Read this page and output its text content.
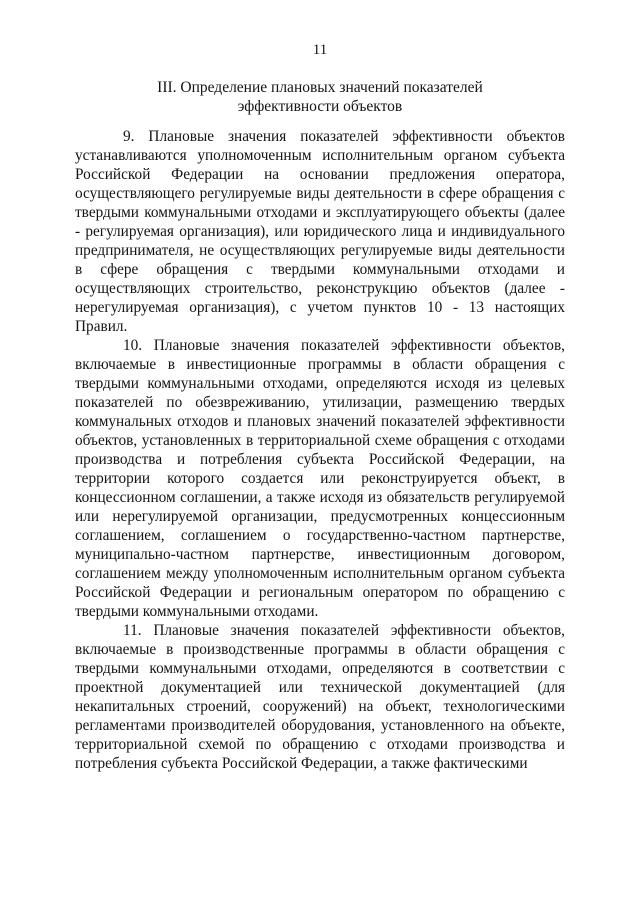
11
III. Определение плановых значений показателей
эффективности объектов

9. Плановые значения показателей эффективности объектов устанавливаются уполномоченным исполнительным органом субъекта Российской Федерации на основании предложения оператора, осуществляющего регулируемые виды деятельности в сфере обращения с твердыми коммунальными отходами и эксплуатирующего объекты (далее - регулируемая организация), или юридического лица и индивидуального предпринимателя, не осуществляющих регулируемые виды деятельности в сфере обращения с твердыми коммунальными отходами и осуществляющих строительство, реконструкцию объектов (далее - нерегулируемая организация), с учетом пунктов 10 - 13 настоящих Правил.

10. Плановые значения показателей эффективности объектов, включаемые в инвестиционные программы в области обращения с твердыми коммунальными отходами, определяются исходя из целевых показателей по обезвреживанию, утилизации, размещению твердых коммунальных отходов и плановых значений показателей эффективности объектов, установленных в территориальной схеме обращения с отходами производства и потребления субъекта Российской Федерации, на территории которого создается или реконструируется объект, в концессионном соглашении, а также исходя из обязательств регулируемой или нерегулируемой организации, предусмотренных концессионным соглашением, соглашением о государственно-частном партнерстве, муниципально-частном партнерстве, инвестиционным договором, соглашением между уполномоченным исполнительным органом субъекта Российской Федерации и региональным оператором по обращению с твердыми коммунальными отходами.

11. Плановые значения показателей эффективности объектов, включаемые в производственные программы в области обращения с твердыми коммунальными отходами, определяются в соответствии с проектной документацией или технической документацией (для некапитальных строений, сооружений) на объект, технологическими регламентами производителей оборудования, установленного на объекте, территориальной схемой по обращению с отходами производства и потребления субъекта Российской Федерации, а также фактическими
